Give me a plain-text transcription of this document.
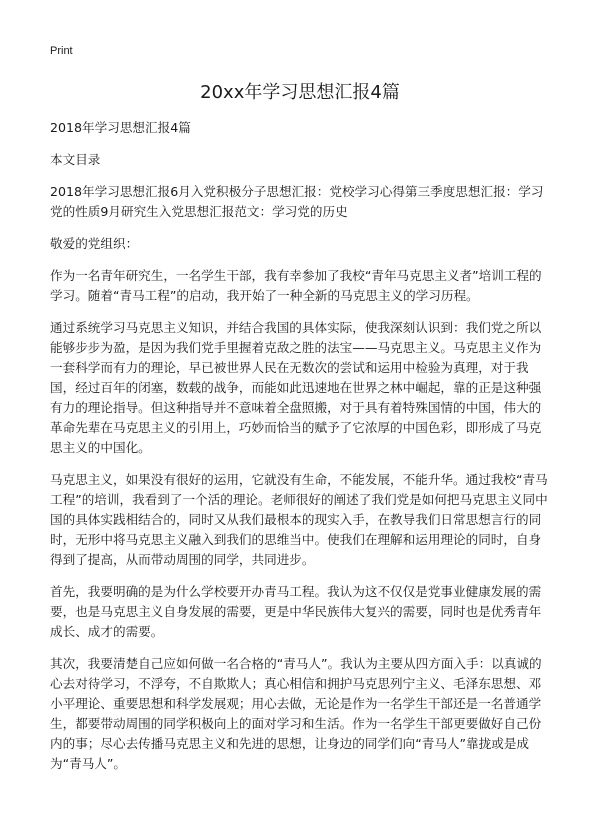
Print
20xx年学习思想汇报4篇

2018年学习思想汇报4篇

本文目录

2018年学习思想汇报6月入党积极分子思想汇报：党校学习心得第三季度思想汇报：学习党的性质9月研究生入党思想汇报范文：学习党的历史

敬爱的党组织：

作为一名青年研究生，一名学生干部，我有幸参加了我校“青年马克思主义者”培训工程的学习。随着“青马工程”的启动，我开始了一种全新的马克思主义的学习历程。

通过系统学习马克思主义知识，并结合我国的具体实际，使我深刻认识到：我们党之所以能够步步为盈，是因为我们党手里握着克敌之胜的法宝——马克思主义。马克思主义作为一套科学而有力的理论，早已被世界人民在无数次的尝试和运用中检验为真理，对于我国，经过百年的闭塞，数载的战争，而能如此迅速地在世界之林中崛起，靠的正是这种强有力的理论指导。但这种指导并不意味着全盘照搬，对于具有着特殊国情的中国，伟大的革命先辈在马克思主义的引用上，巧妙而恰当的赋予了它浓厚的中国色彩，即形成了马克思主义的中国化。

马克思主义，如果没有很好的运用，它就没有生命，不能发展，不能升华。通过我校“青马工程”的培训，我看到了一个活的理论。老师很好的阐述了我们党是如何把马克思主义同中国的具体实践相结合的，同时又从我们最根本的现实入手，在教导我们日常思想言行的同时，无形中将马克思主义融入到我们的思维当中。使我们在理解和运用理论的同时，自身得到了提高，从而带动周围的同学，共同进步。

首先，我要明确的是为什么学校要开办青马工程。我认为这不仅仅是党事业健康发展的需要，也是马克思主义自身发展的需要，更是中华民族伟大复兴的需要，同时也是优秀青年成长、成才的需要。

其次，我要清楚自己应如何做一名合格的“青马人”。我认为主要从四方面入手：以真诚的心去对待学习，不浮夸，不自欺欺人；真心相信和拥护马克思列宁主义、毛泽东思想、邓小平理论、重要思想和科学发展观；用心去做，无论是作为一名学生干部还是一名普通学生，都要带动周围的同学积极向上的面对学习和生活。作为一名学生干部更要做好自己份内的事；尽心去传播马克思主义和先进的思想，让身边的同学们向“青马人”靠拢或是成为“青马人”。
